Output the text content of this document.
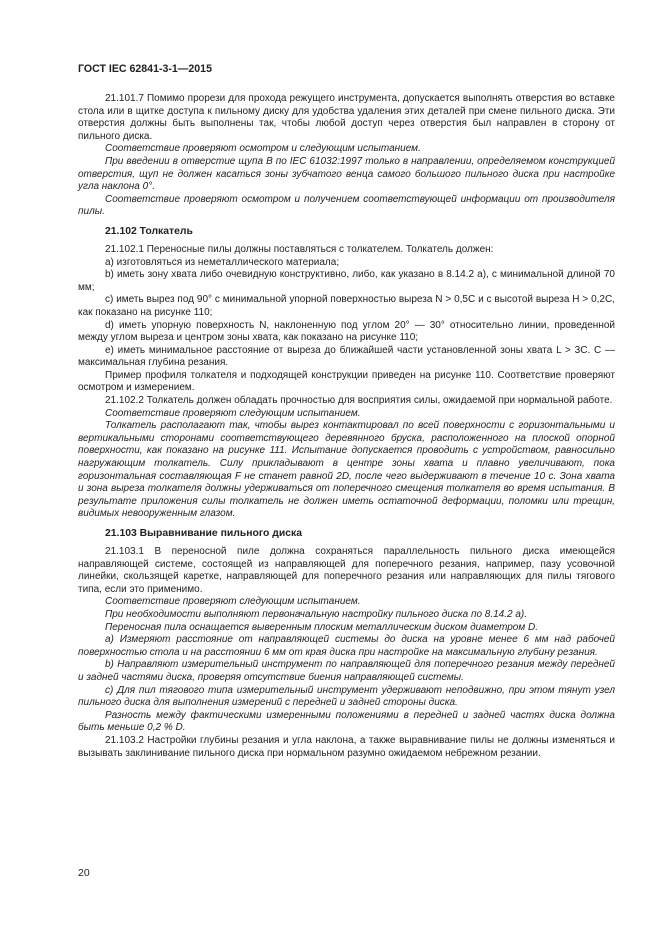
ГОСТ IEC 62841-3-1—2015

21.101.7 Помимо прорези для прохода режущего инструмента, допускается выполнять отверстия во вставке стола или в щитке доступа к пильному диску для удобства удаления этих деталей при смене пильного диска. Эти отверстия должны быть выполнены так, чтобы любой доступ через отверстия был направлен в сторону от пильного диска.

Соответствие проверяют осмотром и следующим испытанием.

При введении в отверстие щупа В по IEC 61032:1997 только в направлении, определяемом конструкцией отверстия, щуп не должен касаться зоны зубчатого венца самого большого пильного диска при настройке угла наклона 0°.

Соответствие проверяют осмотром и получением соответствующей информации от производителя пилы.

21.102 Толкатель

21.102.1 Переносные пилы должны поставляться с толкателем. Толкатель должен:

a) изготовляться из неметаллического материала;

b) иметь зону хвата либо очевидную конструктивно, либо, как указано в 8.14.2 а), с минимальной длиной 70 мм;

c) иметь вырез под 90° с минимальной упорной поверхностью выреза N > 0,5C и с высотой выреза H > 0,2C, как показано на рисунке 110;

d) иметь упорную поверхность N, наклоненную под углом 20° — 30° относительно линии, проведенной между углом выреза и центром зоны хвата, как показано на рисунке 110;

e) иметь минимальное расстояние от выреза до ближайшей части установленной зоны хвата L > 3C. C — максимальная глубина резания.

Пример профиля толкателя и подходящей конструкции приведен на рисунке 110. Соответствие проверяют осмотром и измерением.

21.102.2 Толкатель должен обладать прочностью для восприятия силы, ожидаемой при нормальной работе.

Соответствие проверяют следующим испытанием.

Толкатель располагают так, чтобы вырез контактировал по всей поверхности с горизонтальными и вертикальными сторонами соответствующего деревянного бруска, расположенного на плоской опорной поверхности, как показано на рисунке 111. Испытание допускается проводить с устройством, равносильно нагружающим толкатель. Силу прикладывают в центре зоны хвата и плавно увеличивают, пока горизонтальная составляющая F не станет равной 2D, после чего выдерживают в течение 10 с. Зона хвата и зона выреза толкателя должны удерживаться от поперечного смещения толкателя во время испытания. В результате приложения силы толкатель не должен иметь остаточной деформации, поломки или трещин, видимых невооруженным глазом.

21.103 Выравнивание пильного диска

21.103.1 В переносной пиле должна сохраняться параллельность пильного диска имеющейся направляющей системе, состоящей из направляющей для поперечного резания, например, пазу усовочной линейки, скользящей каретке, направляющей для поперечного резания или направляющих для пилы тягового типа, если это применимо.

Соответствие проверяют следующим испытанием.

При необходимости выполняют первоначальную настройку пильного диска по 8.14.2 а).

Переносная пила оснащается выверенным плоским металлическим диском диаметром D.

а) Измеряют расстояние от направляющей системы до диска на уровне менее 6 мм над рабочей поверхностью стола и на расстоянии 6 мм от края диска при настройке на максимальную глубину резания.

b) Направляют измерительный инструмент по направляющей для поперечного резания между передней и задней частями диска, проверяя отсутствие биения направляющей системы.

c) Для пил тягового типа измерительный инструмент удерживают неподвижно, при этом тянут узел пильного диска для выполнения измерений с передней и задней стороны диска.

Разность между фактическими измеренными положениями в передней и задней частях диска должна быть меньше 0,2 % D.

21.103.2 Настройки глубины резания и угла наклона, а также выравнивание пилы не должны изменяться и вызывать заклинивание пильного диска при нормальном разумно ожидаемом небрежном резании.

20
